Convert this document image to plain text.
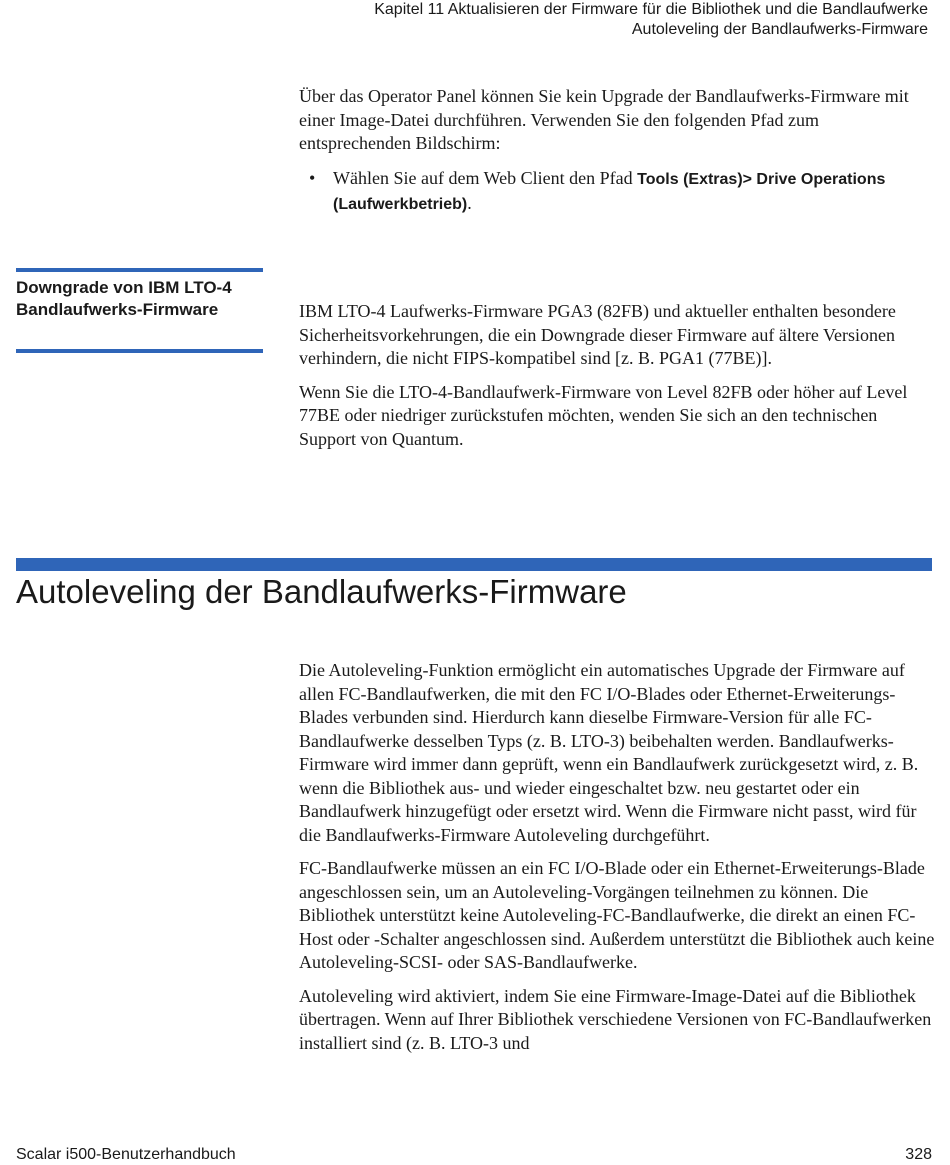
Kapitel 11 Aktualisieren der Firmware für die Bibliothek und die Bandlaufwerke
Autoleveling der Bandlaufwerks-Firmware

Über das Operator Panel können Sie kein Upgrade der Bandlaufwerks-Firmware mit einer Image-Datei durchführen. Verwenden Sie den folgenden Pfad zum entsprechenden Bildschirm:

• Wählen Sie auf dem Web Client den Pfad Tools (Extras)> Drive Operations (Laufwerkbetrieb).
Downgrade von IBM LTO-4 Bandlaufwerks-Firmware	IBM LTO-4 Laufwerks-Firmware PGA3 (82FB) und aktueller enthalten besondere Sicherheitsvorkehrungen, die ein Downgrade dieser Firmware auf ältere Versionen verhindern, die nicht FIPS-kompatibel sind [z. B. PGA1 (77BE)].

Wenn Sie die LTO-4-Bandlaufwerk-Firmware von Level 82FB oder höher auf Level 77BE oder niedriger zurückstufen möchten, wenden Sie sich an den technischen Support von Quantum.

Autoleveling der Bandlaufwerks-Firmware

Die Autoleveling-Funktion ermöglicht ein automatisches Upgrade der Firmware auf allen FC-Bandlaufwerken, die mit den FC I/O-Blades oder Ethernet-Erweiterungs-Blades verbunden sind. Hierdurch kann dieselbe Firmware-Version für alle FC-Bandlaufwerke desselben Typs (z. B. LTO-3) beibehalten werden. Bandlaufwerks-Firmware wird immer dann geprüft, wenn ein Bandlaufwerk zurückgesetzt wird, z. B. wenn die Bibliothek aus- und wieder eingeschaltet bzw. neu gestartet oder ein Bandlaufwerk hinzugefügt oder ersetzt wird. Wenn die Firmware nicht passt, wird für die Bandlaufwerks-Firmware Autoleveling durchgeführt.

FC-Bandlaufwerke müssen an ein FC I/O-Blade oder ein Ethernet-Erweiterungs-Blade angeschlossen sein, um an Autoleveling-Vorgängen teilnehmen zu können. Die Bibliothek unterstützt keine Autoleveling-FC-Bandlaufwerke, die direkt an einen FC-Host oder -Schalter angeschlossen sind. Außerdem unterstützt die Bibliothek auch keine Autoleveling-SCSI- oder SAS-Bandlaufwerke.

Autoleveling wird aktiviert, indem Sie eine Firmware-Image-Datei auf die Bibliothek übertragen. Wenn auf Ihrer Bibliothek verschiedene Versionen von FC-Bandlaufwerken installiert sind (z. B. LTO-3 und

Scalar i500-Benutzerhandbuch	328
